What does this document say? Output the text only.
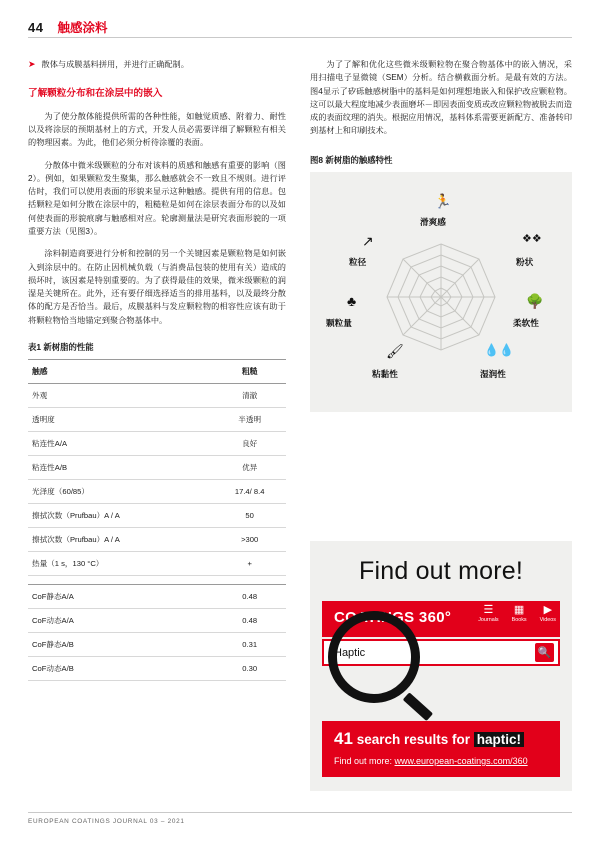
44 触感涂料
➤ 散体与成膜基料拼用，并进行正确配制。
了解颗粒分布和在涂层中的嵌入

为了使分散体能提供所需的各种性能，如触觉质感、附着力、耐性以及将涂层的预期基材上的方式，开发人员必需要详细了解颗粒有相关的物理因素。为此，他们必须分析待涂覆的表面。

分散体中微米级颗粒的分布对该料的质感和触感有重要的影响（图2）。例如，如果颗粒发生聚集，那么触感就会不一致且不规则。进行评估时，我们可以使用表面的形貌来显示这种触感。提供有用的信息。包括颗粒是如何分散在涂层中的，粗糙粒是如何在涂层表面分布的以及如何使表面的形貌痕廓与触感相对应。轮廓测量法是研究表面形貌的一项重要方法（见图3）。

涂料制造商要进行分析和控制的另一个关键因素是颗粒物是如何嵌入到涂层中的。在防止因机械负载（与消费品包装的使用有关）造成的损坏时，该因素是特别重要的。为了获得最佳的效果，微米级颗粒的润湿是关键所在。此外，还有要仔细选择适当的排用基料，以及最终分散体的配方是否恰当。最后，成膜基料与发应颗粒物的相容性应该有助于将颗粒物恰当地锚定到聚合物基体中。

表1 新树脂的性能
触感	粗糙
外观	清澈
透明度	半透明
粘连性A/A	良好
粘连性A/B	优异
光泽度（60/85）	17.4/ 8.4
擦拭次数（Prufbau）A / A	50
擦拭次数（Prufbau）A / A	>300
热量（1 s，130 °C）	+

CoF静态A/A	0.48
CoF动态A/A	0.48
CoF静态A/B	0.31
CoF动态A/B	0.30

为了了解和优化这些微米级颗粒物在聚合物基体中的嵌入情况，采用扫描电子显微镜（SEM）分析。结合横截面分析。是最有效的方法。图4显示了矽砾触感树脂中的基料是如何理想地嵌入和保护改应颗粒物。这可以最大程度地减少表面磨坏－即因表面变质或改应颗粒物被脱去而造成的表面纹理的消失。根据应用情况，基料体系需要更新配方、准备转印到基材上和印刷技术。

图8 新树脂的触感特性
🏃
滑爽感
❖❖
粉状
🌳
柔软性
💧💧
湿润性
🖌
粘黏性
♣
颗粒量
↗
粒径
Find out more!
COATINGS 360°	☰
Journals
▦
Books
▶
Videos
Haptic	🔍
41 search results for haptic!
Find out more: www.european-coatings.com/360
EUROPEAN COATINGS JOURNAL 03 – 2021
